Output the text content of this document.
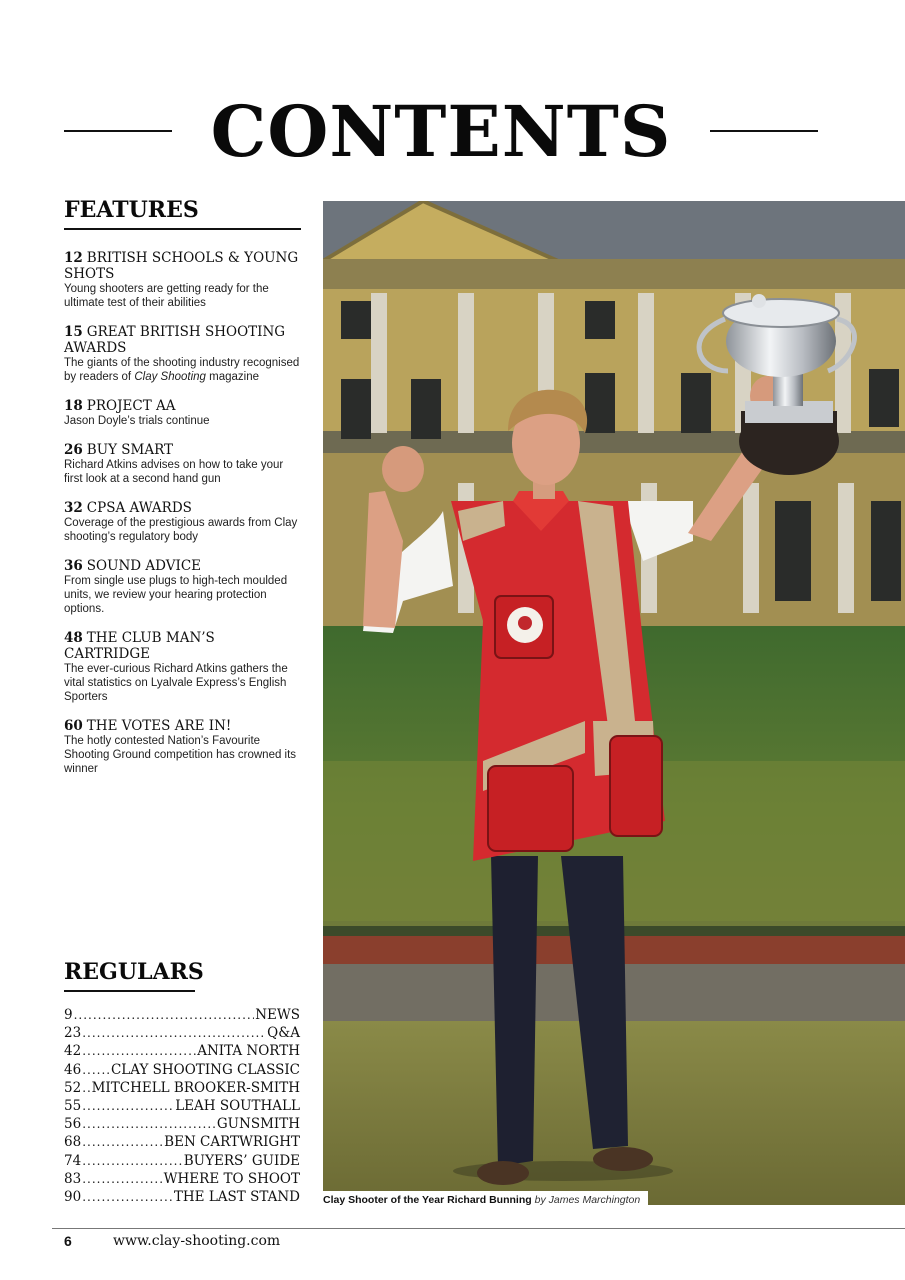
CONTENTS
FEATURES
12 BRITISH SCHOOLS & YOUNG SHOTS
Young shooters are getting ready for the ultimate test of their abilities
15 GREAT BRITISH SHOOTING AWARDS
The giants of the shooting industry recognised by readers of Clay Shooting magazine
18 PROJECT AA
Jason Doyle’s trials continue
26 BUY SMART
Richard Atkins advises on how to take your first look at a second hand gun
32 CPSA AWARDS
Coverage of the prestigious awards from Clay shooting’s regulatory body
36 SOUND ADVICE
From single use plugs to high-tech moulded units, we review your hearing protection options.
48 THE CLUB MAN’S CARTRIDGE
The ever-curious Richard Atkins gathers the vital statistics on Lyalvale Express’s English Sporters
60 THE VOTES ARE IN!
The hotly contested Nation’s Favourite Shooting Ground competition has crowned its winner
REGULARS
9 .....	NEWS
23 .....	Q&A
42 .....	ANITA NORTH
46 ..... CLAY SHOOTING CLASSIC
52 ..... MITCHELL BROOKER-SMITH
55 .....	LEAH SOUTHALL
56 .....	GUNSMITH
68 .....	BEN CARTWRIGHT
74 .....	BUYERS’ GUIDE
83 .....	WHERE TO SHOOT
90 .....	THE LAST STAND Clay Shooter of the Year Richard Bunning by James Marchington
6	www.clay-shooting.com
